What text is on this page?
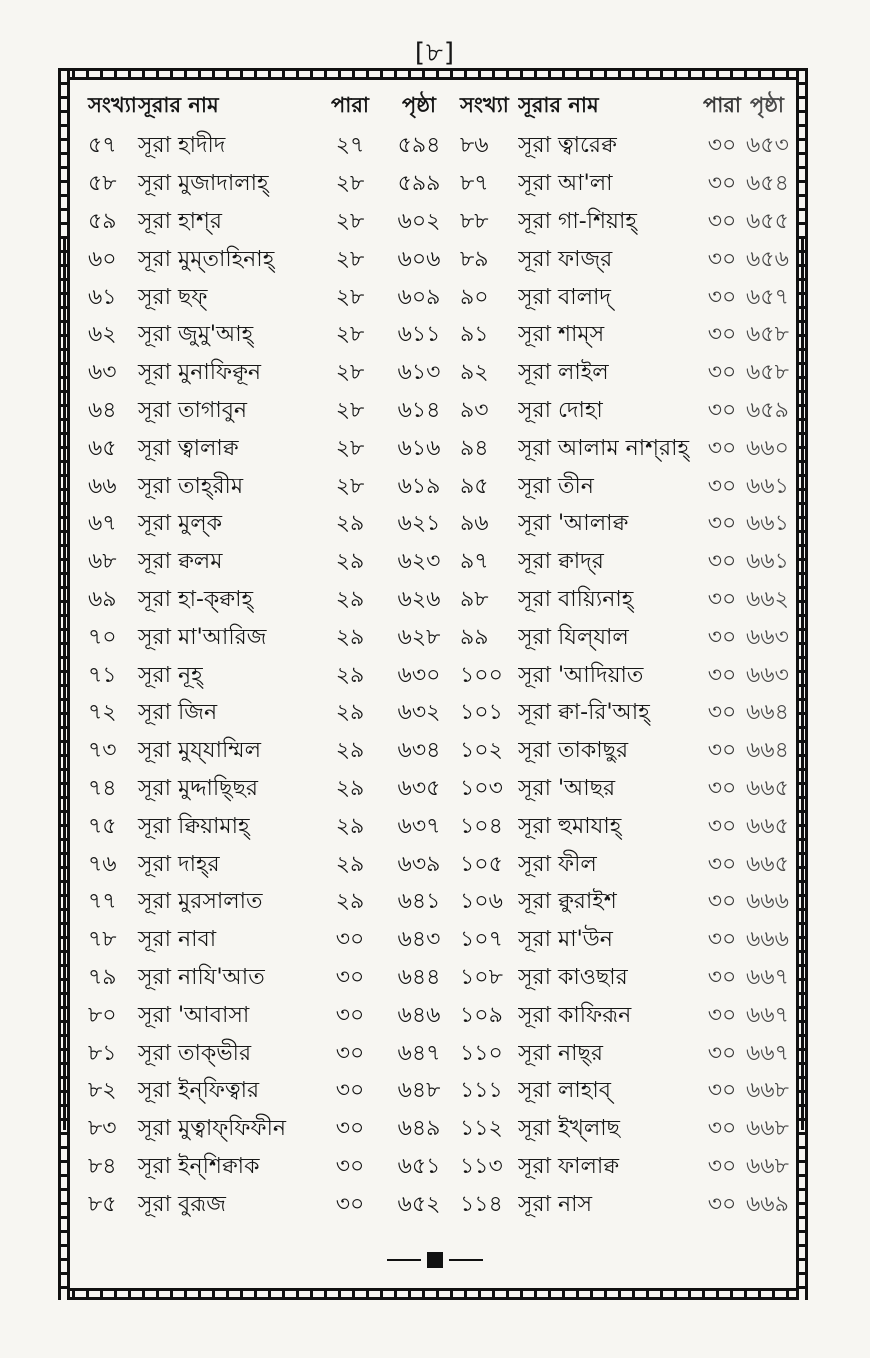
[৮]
সংখ্যা সূরার নাম	পারা	পৃষ্ঠা	সংখ্যা সূরার নাম	পারা পৃষ্ঠা
৫৭ সূরা হাদীদ	২৭	৫৯৪ ৮৬	সূরা ত্বারেক্ব	৩০ ৬৫৩
৫৮ সূরা মুজাদালাহ্	২৮	৫৯৯ ৮৭	সূরা আ'লা	৩০ ৬৫৪
৫৯ সূরা হাশ্‌র	২৮	৬০২ ৮৮	সূরা গা-শিয়াহ্	৩০ ৬৫৫
৬০ সূরা মুম্‌তাহিনাহ্	২৮	৬০৬ ৮৯	সূরা ফাজ্‌র	৩০ ৬৫৬
৬১ সূরা ছফ্	২৮	৬০৯ ৯০	সূরা বালাদ্	৩০ ৬৫৭
৬২ সূরা জুমু'আহ্	২৮	৬১১ ৯১	সূরা শাম্‌স	৩০ ৬৫৮
৬৩ সূরা মুনাফিক্বূন	২৮	৬১৩ ৯২	সূরা লাইল	৩০ ৬৫৮
৬৪ সূরা তাগাবুন	২৮	৬১৪ ৯৩	সূরা দোহা	৩০ ৬৫৯
৬৫ সূরা ত্বালাক্ব	২৮	৬১৬ ৯৪	সূরা আলাম নাশ্‌রাহ্ ৩০ ৬৬০
৬৬ সূরা তাহ্‌রীম	২৮	৬১৯ ৯৫	সূরা তীন	৩০ ৬৬১
৬৭ সূরা মুল্‌ক	২৯	৬২১ ৯৬	সূরা 'আলাক্ব	৩০ ৬৬১
৬৮ সূরা ক্বলম	২৯	৬২৩ ৯৭	সূরা ক্বাদ্‌র	৩০ ৬৬১
৬৯ সূরা হা-ক্ক্বাহ্	২৯	৬২৬ ৯৮	সূরা বায়্যিনাহ্	৩০ ৬৬২
৭০ সূরা মা'আরিজ	২৯	৬২৮ ৯৯	সূরা যিল্‌যাল	৩০ ৬৬৩
৭১ সূরা নূহ্	২৯	৬৩০ ১০০ সূরা 'আদিয়াত	৩০ ৬৬৩
৭২ সূরা জিন	২৯	৬৩২ ১০১ সূরা ক্বা-রি'আহ্	৩০ ৬৬৪
৭৩ সূরা মুয্‌যাম্মিল	২৯	৬৩৪ ১০২ সূরা তাকাছুর	৩০ ৬৬৪
৭৪ সূরা মুদ্দাছ্ছির	২৯	৬৩৫ ১০৩ সূরা 'আছর	৩০ ৬৬৫
৭৫ সূরা ক্বিয়ামাহ্	২৯	৬৩৭ ১০৪ সূরা হুমাযাহ্	৩০ ৬৬৫
৭৬ সূরা দাহ্‌র	২৯	৬৩৯ ১০৫ সূরা ফীল	৩০ ৬৬৫
৭৭ সূরা মুরসালাত	২৯	৬৪১ ১০৬ সূরা ক্বুরাইশ	৩০ ৬৬৬
৭৮ সূরা নাবা	৩০	৬৪৩ ১০৭ সূরা মা'উন	৩০ ৬৬৬
৭৯ সূরা নাযি'আত	৩০	৬৪৪ ১০৮ সূরা কাওছার	৩০ ৬৬৭
৮০ সূরা 'আবাসা	৩০	৬৪৬ ১০৯ সূরা কাফিরূন	৩০ ৬৬৭
৮১ সূরা তাক্‌ভীর	৩০	৬৪৭ ১১০ সূরা নাছ্‌র	৩০ ৬৬৭
৮২ সূরা ইন্‌ফিত্বার	৩০	৬৪৮ ১১১ সূরা লাহাব্	৩০ ৬৬৮
৮৩ সূরা মুত্বাফ্‌ফিফীন	৩০	৬৪৯ ১১২ সূরা ইখ্‌লাছ	৩০ ৬৬৮
৮৪ সূরা ইন্‌শিক্বাক	৩০	৬৫১ ১১৩ সূরা ফালাক্ব	৩০ ৬৬৮
৮৫ সূরা বুরূজ	৩০	৬৫২ ১১৪ সূরা নাস	৩০ ৬৬৯
